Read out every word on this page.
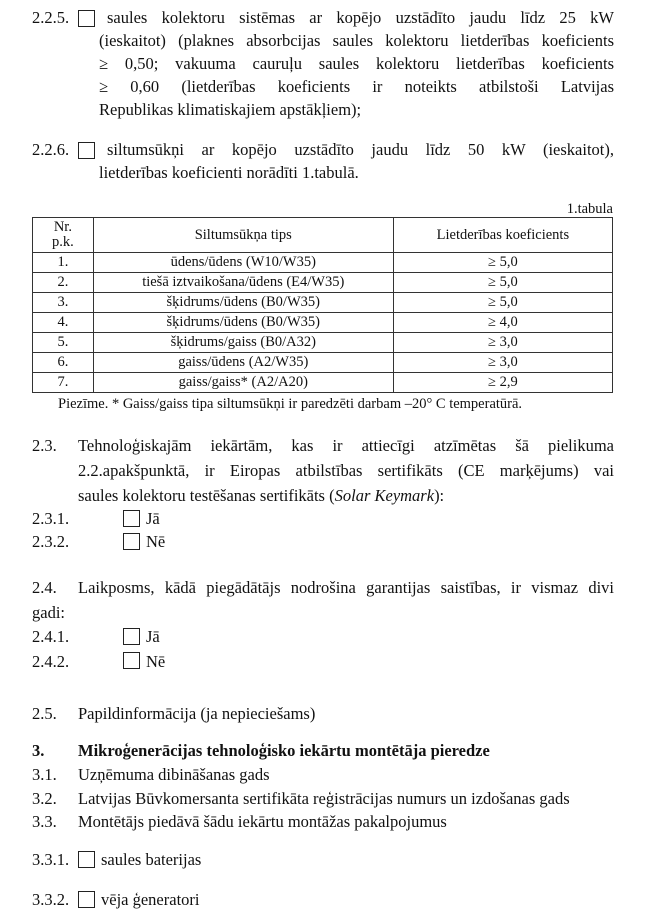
2.2.5. saules kolektoru sistēmas ar kopējo uzstādīto jaudu līdz 25 kW
(ieskaitot) (plaknes absorbcijas saules kolektoru lietderības koeficients
≥ 0,50; vakuuma cauruļu saules kolektoru lietderības koeficients
≥ 0,60 (lietderības koeficients ir noteikts atbilstoši Latvijas
Republikas klimatiskajiem apstākļiem);
2.2.6. siltumsūkņi ar kopējo uzstādīto jaudu līdz 50 kW (ieskaitot),
lietderības koeficienti norādīti 1.tabulā.
1.tabula
Nr.
p.k.	Siltumsūkņa tips	Lietderības koeficients
1.	ūdens/ūdens (W10/W35)	≥ 5,0
2.	tiešā iztvaikošana/ūdens (E4/W35)	≥ 5,0
3.	šķidrums/ūdens (B0/W35)	≥ 5,0
4.	šķidrums/ūdens (B0/W35)	≥ 4,0
5.	šķidrums/gaiss (B0/A32)	≥ 3,0
6.	gaiss/ūdens (A2/W35)	≥ 3,0
7.	gaiss/gaiss* (A2/A20)	≥ 2,9
Piezīme. * Gaiss/gaiss tipa siltumsūkņi ir paredzēti darbam –20° C temperatūrā.
2.3. Tehnoloģiskajām iekārtām, kas ir attiecīgi atzīmētas šā pielikuma
2.2.apakšpunktā, ir Eiropas atbilstības sertifikāts (CE marķējums) vai
saules kolektoru testēšanas sertifikāts (Solar Keymark):
2.3.1.	Jā
2.3.2.	Nē
2.4. Laikposms, kādā piegādātājs nodrošina garantijas saistības, ir vismaz divi
gadi:
2.4.1.	Jā
2.4.2.	Nē
2.5. Papildinformācija (ja nepieciešams)
3. Mikroģenerācijas tehnoloģisko iekārtu montētāja pieredze
3.1. Uzņēmuma dibināšanas gads
3.2. Latvijas Būvkomersanta sertifikāta reģistrācijas numurs un izdošanas gads
3.3. Montētājs piedāvā šādu iekārtu montāžas pakalpojumus
3.3.1. saules baterijas
3.3.2. vēja ģeneratori
